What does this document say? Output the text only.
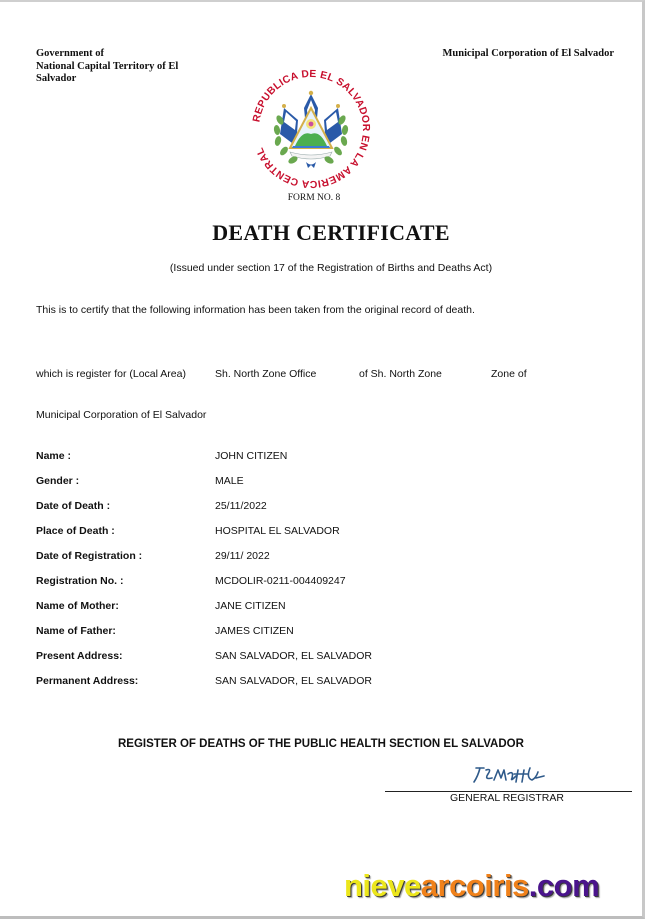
Government of
National Capital Territory of El
Salvador
Municipal Corporation of El Salvador
REPUBLICA DE EL SALVADOR EN LA AMERICA CENTRAL
FORM NO. 8
DEATH CERTIFICATE
(Issued under section 17 of the Registration of Births and Deaths Act)
This is to certify that the following information has been taken from the original record of death.
which is register for (Local Area)	Sh. North Zone Office	of Sh. North Zone	Zone of
Municipal Corporation of El Salvador
Name :	JOHN CITIZEN
Gender :	MALE
Date of Death :	25/11/2022
Place of Death :	HOSPITAL EL SALVADOR
Date of Registration :	29/11/ 2022
Registration No. :	MCDOLIR-0211-004409247
Name of Mother:	JANE CITIZEN
Name of Father:	JAMES CITIZEN
Present Address:	SAN SALVADOR, EL SALVADOR
Permanent Address:	SAN SALVADOR, EL SALVADOR
REGISTER OF DEATHS OF THE PUBLIC HEALTH SECTION EL SALVADOR
GENERAL REGISTRAR
nievearcoiris.com
